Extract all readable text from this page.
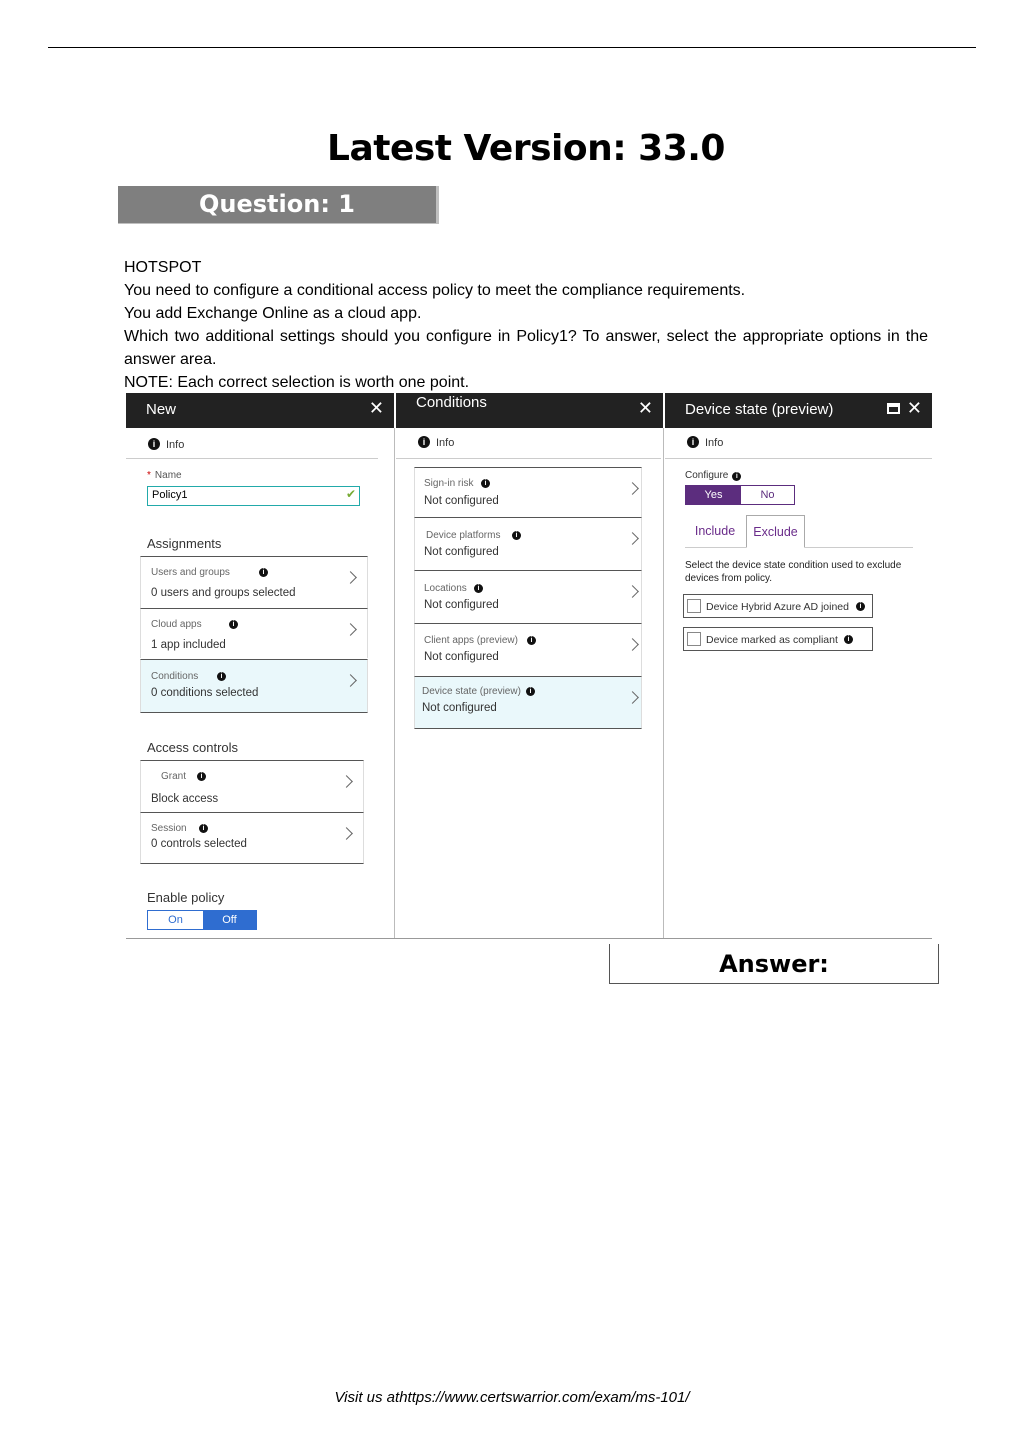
Latest Version: 33.0
Question: 1

HOTSPOT

You need to configure a conditional access policy to meet the compliance requirements.

You add Exchange Online as a cloud app.

Which two additional settings should you configure in Policy1? To answer, select the appropriate options in the answer area.

NOTE: Each correct selection is worth one point.

New	✕
i Info
* Name
Policy1	✔
Assignments
Users and groups	i
0 users and groups selected
Cloud apps	i
1 app included
Conditions	i
0 conditions selected
Access controls
Grant	i
Block access
Session	i
0 controls selected
Enable policy
On	Off
Conditions	✕
i Info
Sign-in risk	i
Not configured
Device platforms	i
Not configured
Locations	i
Not configured
Client apps (preview)	i
Not configured
Device state (preview)	i
Not configured
Device state (preview)	✕
i Info
Configure i
Yes	No
Include	Exclude
Select the device state condition used to exclude devices from policy.
Device Hybrid Azure AD joined	i
Device marked as compliant	i
Answer:
Visit us athttps://www.certswarrior.com/exam/ms-101/
